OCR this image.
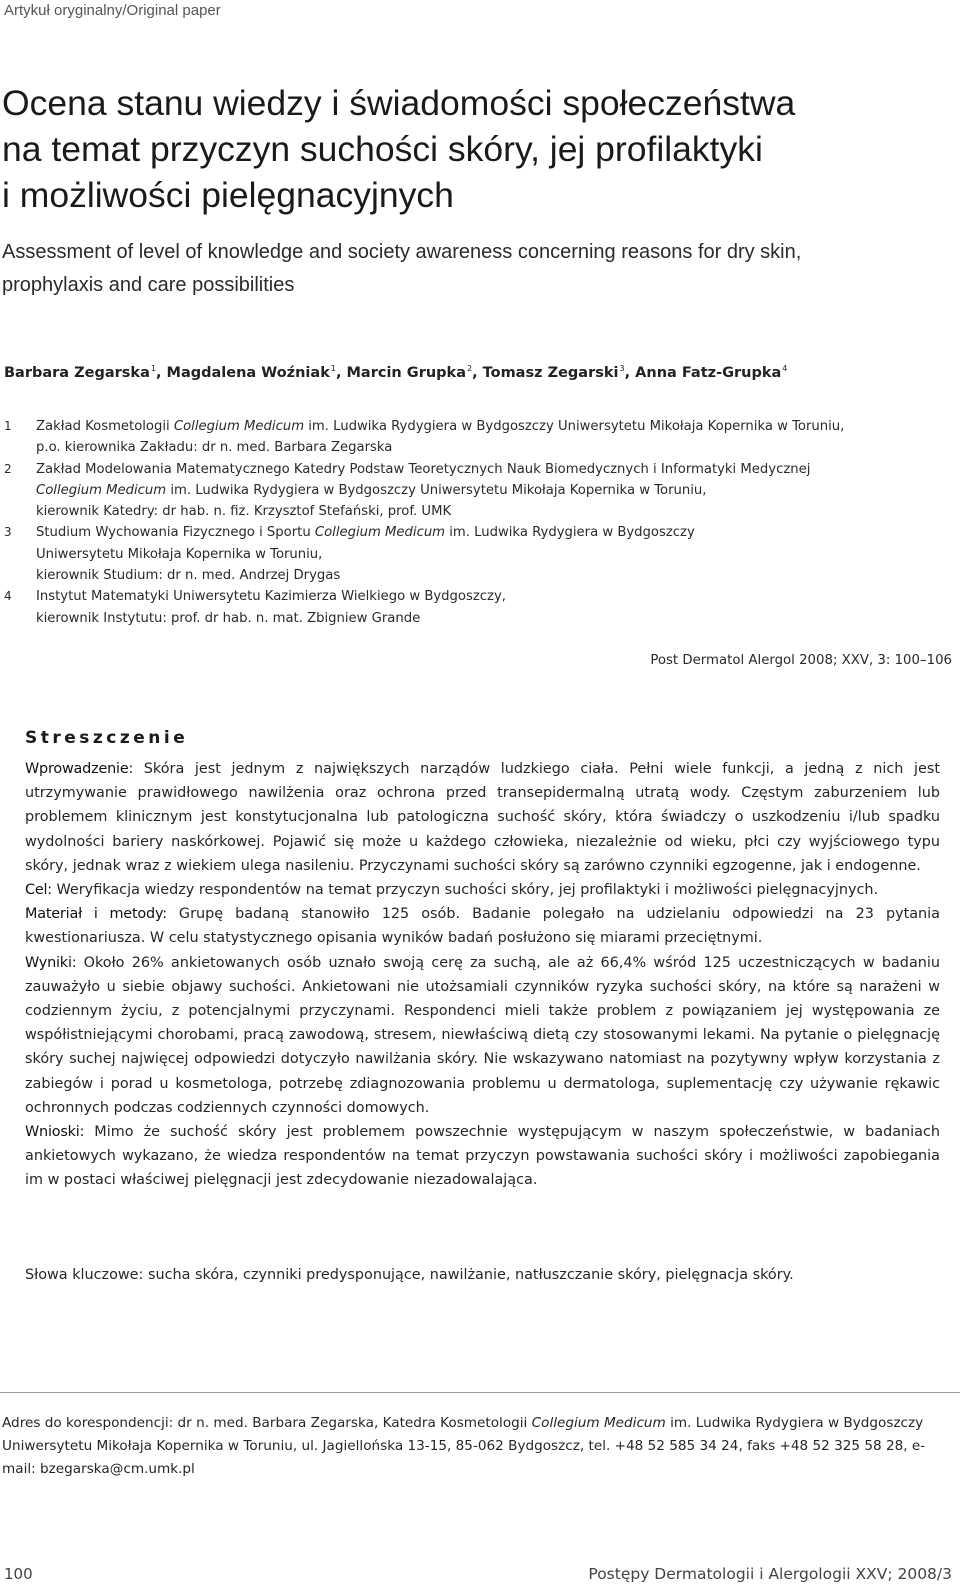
Artykuł oryginalny/Original paper
Ocena stanu wiedzy i świadomości społeczeństwa
na temat przyczyn suchości skóry, jej profilaktyki
i możliwości pielęgnacyjnych
Assessment of level of knowledge and society awareness concerning reasons for dry skin,
prophylaxis and care possibilities
Barbara Zegarska$^1$, Magdalena Woźniak$^1$, Marcin Grupka$^2$, Tomasz Zegarski$^3$, Anna Fatz-Grupka$^4$
1	Zakład Kosmetologii Collegium Medicum im. Ludwika Rydygiera w Bydgoszczy Uniwersytetu Mikołaja Kopernika w Toruniu,
p.o. kierownika Zakładu: dr n. med. Barbara Zegarska
2	Zakład Modelowania Matematycznego Katedry Podstaw Teoretycznych Nauk Biomedycznych i Informatyki Medycznej
Collegium Medicum im. Ludwika Rydygiera w Bydgoszczy Uniwersytetu Mikołaja Kopernika w Toruniu,
kierownik Katedry: dr hab. n. fiz. Krzysztof Stefański, prof. UMK
3	Studium Wychowania Fizycznego i Sportu Collegium Medicum im. Ludwika Rydygiera w Bydgoszczy
Uniwersytetu Mikołaja Kopernika w Toruniu,
kierownik Studium: dr n. med. Andrzej Drygas
4	Instytut Matematyki Uniwersytetu Kazimierza Wielkiego w Bydgoszczy,
kierownik Instytutu: prof. dr hab. n. mat. Zbigniew Grande
Post Dermatol Alergol 2008; XXV, 3: 100–106
Streszczenie

Wprowadzenie: Skóra jest jednym z największych narządów ludzkiego ciała. Pełni wiele funkcji, a jedną z nich jest utrzymywanie prawidłowego nawilżenia oraz ochrona przed transepidermalną utratą wody. Częstym zaburzeniem lub problemem klinicznym jest konstytucjonalna lub patologiczna suchość skóry, która świadczy o uszkodzeniu i/lub spadku wydolności bariery naskórkowej. Pojawić się może u każdego człowieka, niezależnie od wieku, płci czy wyjściowego typu skóry, jednak wraz z wiekiem ulega nasileniu. Przyczynami suchości skóry są zarówno czynniki egzogenne, jak i endogenne.

Cel: Weryfikacja wiedzy respondentów na temat przyczyn suchości skóry, jej profilaktyki i możliwości pielęgnacyjnych.

Materiał i metody: Grupę badaną stanowiło 125 osób. Badanie polegało na udzielaniu odpowiedzi na 23 pytania kwestionariusza. W celu statystycznego opisania wyników badań posłużono się miarami przeciętnymi.

Wyniki: Około 26% ankietowanych osób uznało swoją cerę za suchą, ale aż 66,4% wśród 125 uczestniczących w badaniu zauważyło u siebie objawy suchości. Ankietowani nie utożsamiali czynników ryzyka suchości skóry, na które są narażeni w codziennym życiu, z potencjalnymi przyczynami. Respondenci mieli także problem z powiązaniem jej występowania ze współistniejącymi chorobami, pracą zawodową, stresem, niewłaściwą dietą czy stosowanymi lekami. Na pytanie o pielęgnację skóry suchej najwięcej odpowiedzi dotyczyło nawilżania skóry. Nie wskazywano natomiast na pozytywny wpływ korzystania z zabiegów i porad u kosmetologa, potrzebę zdiagnozowania problemu u dermatologa, suplementację czy używanie rękawic ochronnych podczas codziennych czynności domowych.

Wnioski: Mimo że suchość skóry jest problemem powszechnie występującym w naszym społeczeństwie, w badaniach ankietowych wykazano, że wiedza respondentów na temat przyczyn powstawania suchości skóry i możliwości zapobiegania im w postaci właściwej pielęgnacji jest zdecydowanie niezadowalająca.

Słowa kluczowe: sucha skóra, czynniki predysponujące, nawilżanie, natłuszczanie skóry, pielęgnacja skóry.
Adres do korespondencji: dr n. med. Barbara Zegarska, Katedra Kosmetologii Collegium Medicum im. Ludwika Rydygiera w Bydgoszczy Uniwersytetu Mikołaja Kopernika w Toruniu, ul. Jagiellońska 13-15, 85-062 Bydgoszcz, tel. +48 52 585 34 24, faks +48 52 325 58 28, e-mail: bzegarska@cm.umk.pl
100	Postępy Dermatologii i Alergologii XXV; 2008/3
